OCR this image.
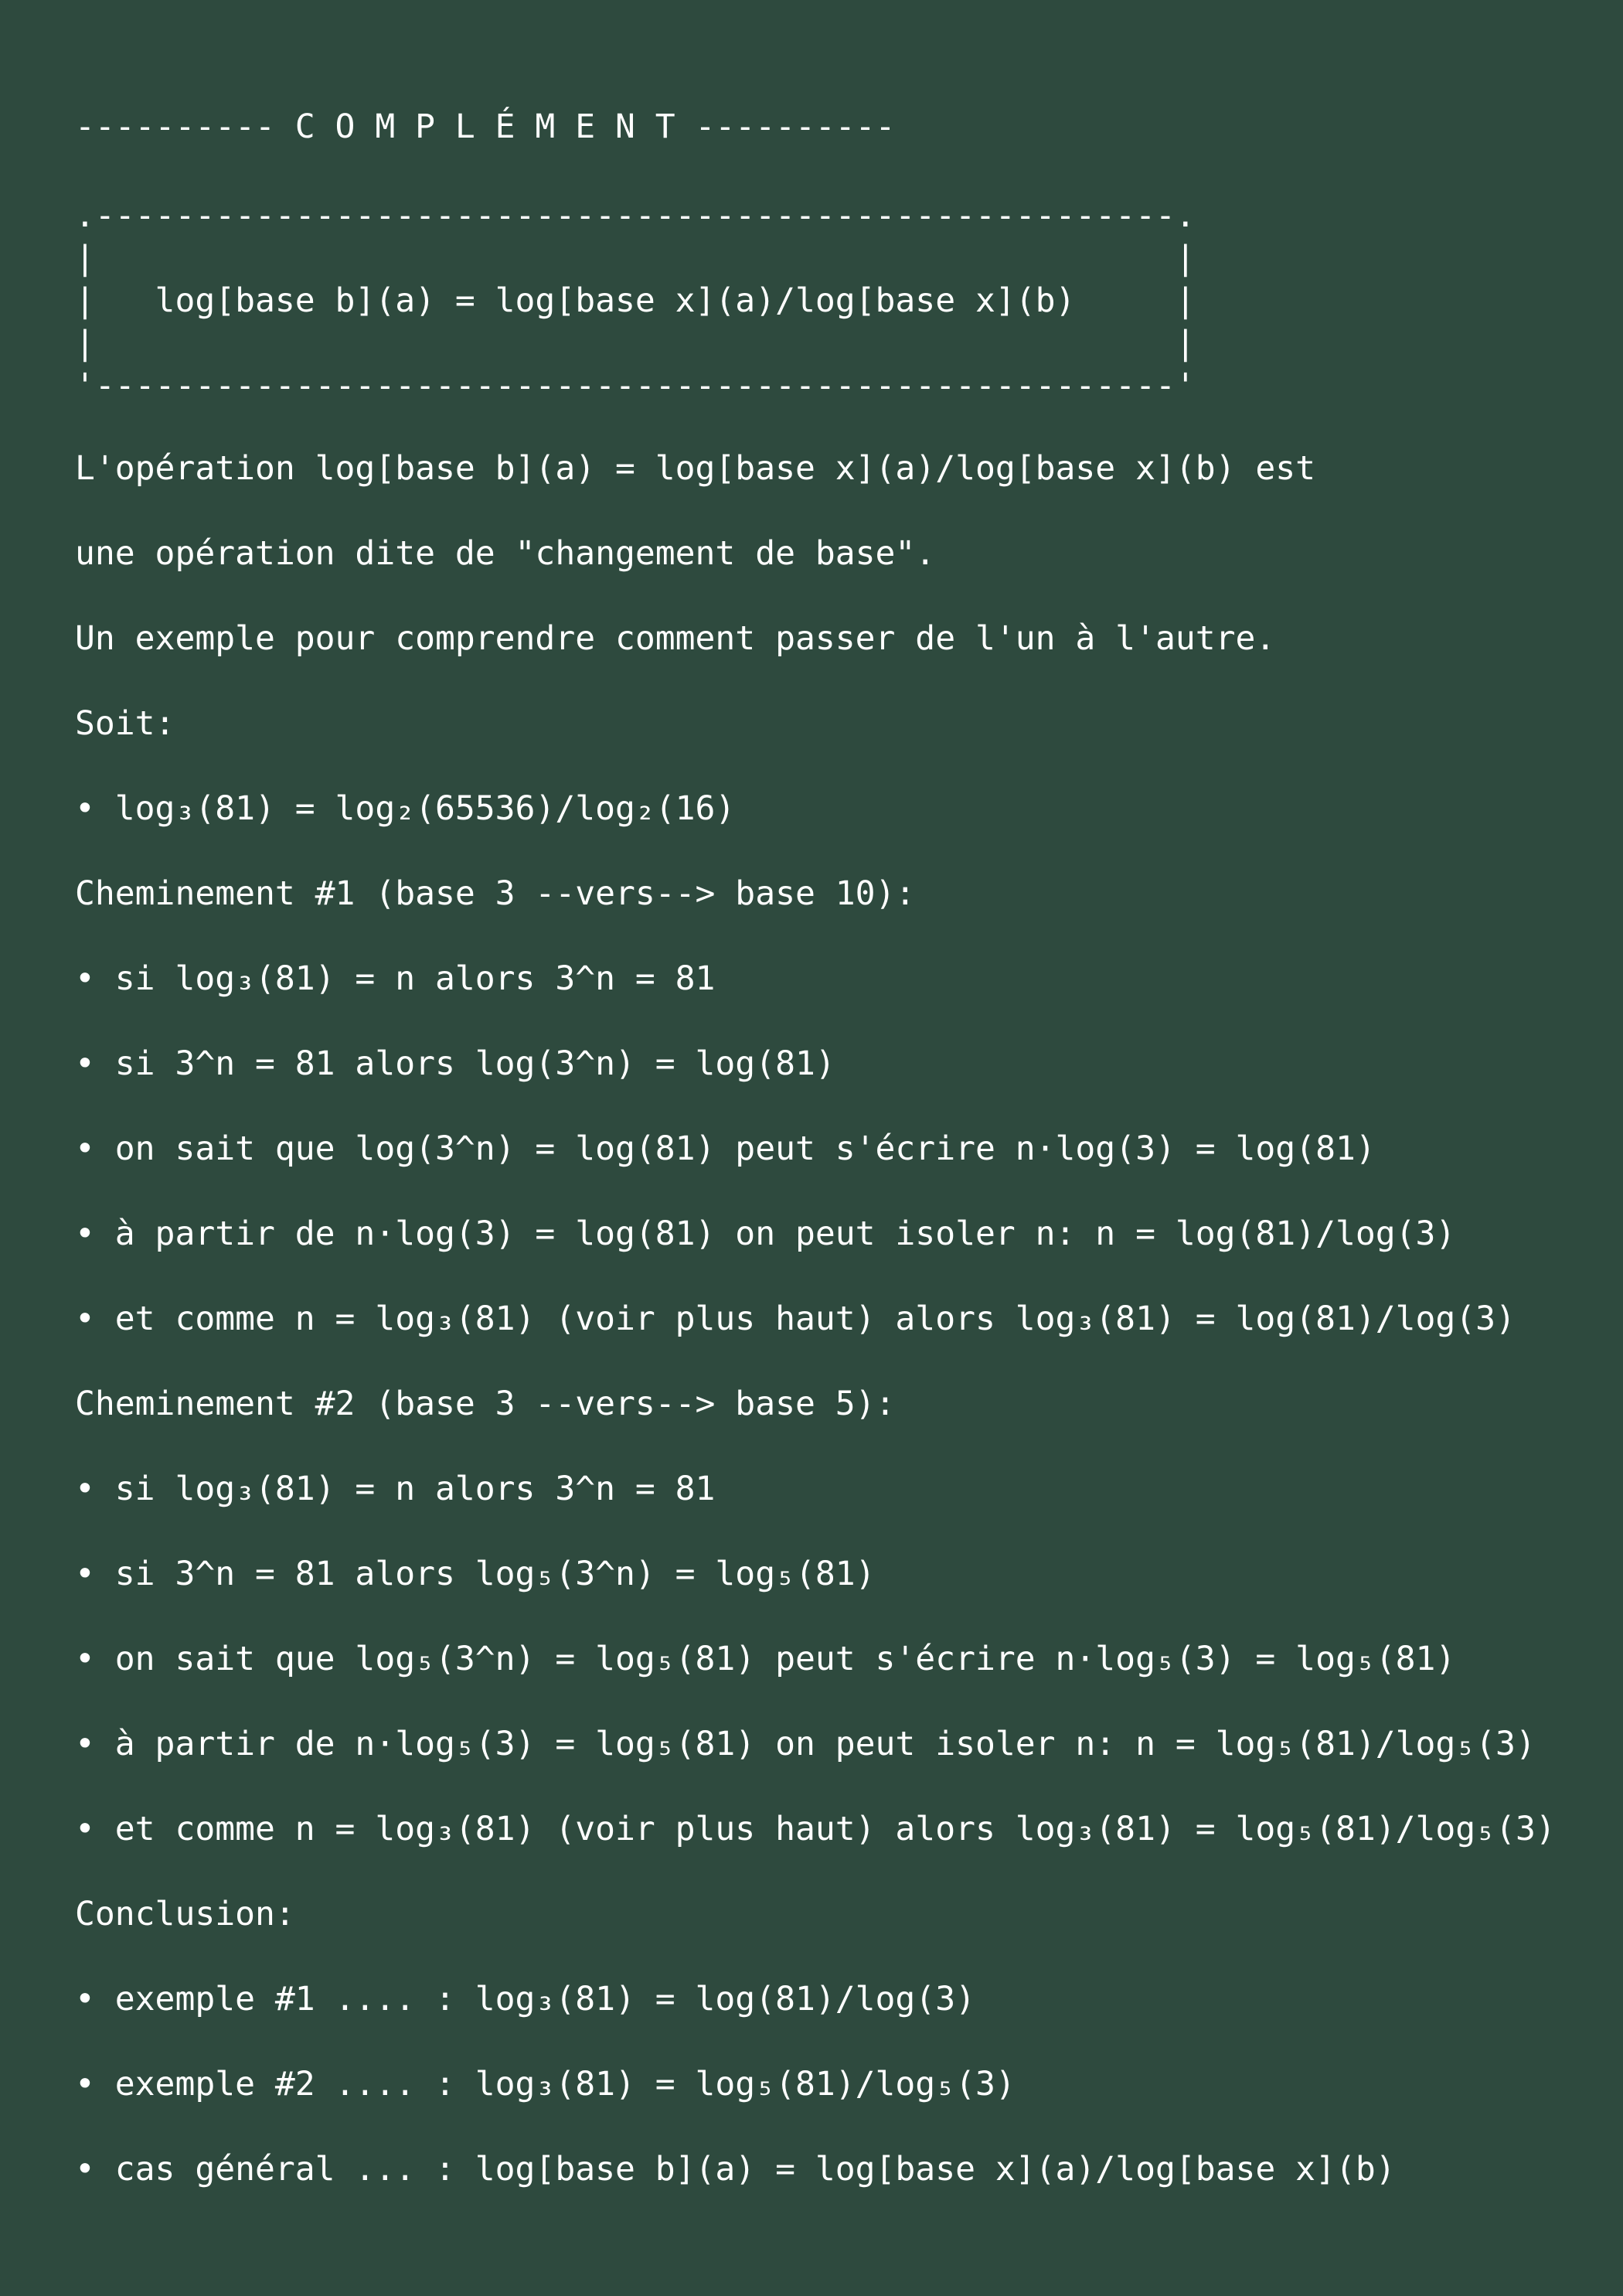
---------- C O M P L É M E N T ----------
.------------------------------------------------------.
|                                                      |
|   log[base b](a) = log[base x](a)/log[base x](b)     |
|                                                      |
'------------------------------------------------------'
L'opération log[base b](a) = log[base x](a)/log[base x](b) est
une opération dite de "changement de base".
Un exemple pour comprendre comment passer de l'un à l'autre.
Soit:
• log₃(81) = log₂(65536)/log₂(16)
Cheminement #1 (base 3 --vers--> base 10):
• si log₃(81) = n alors 3^n = 81
• si 3^n = 81 alors log(3^n) = log(81)
• on sait que log(3^n) = log(81) peut s'écrire n·log(3) = log(81)
• à partir de n·log(3) = log(81) on peut isoler n: n = log(81)/log(3)
• et comme n = log₃(81) (voir plus haut) alors log₃(81) = log(81)/log(3)
Cheminement #2 (base 3 --vers--> base 5):
• si log₃(81) = n alors 3^n = 81
• si 3^n = 81 alors log₅(3^n) = log₅(81)
• on sait que log₅(3^n) = log₅(81) peut s'écrire n·log₅(3) = log₅(81)
• à partir de n·log₅(3) = log₅(81) on peut isoler n: n = log₅(81)/log₅(3)
• et comme n = log₃(81) (voir plus haut) alors log₃(81) = log₅(81)/log₅(3)
Conclusion:
• exemple #1 .... : log₃(81) = log(81)/log(3)
• exemple #2 .... : log₃(81) = log₅(81)/log₅(3)
• cas général ... : log[base b](a) = log[base x](a)/log[base x](b)
